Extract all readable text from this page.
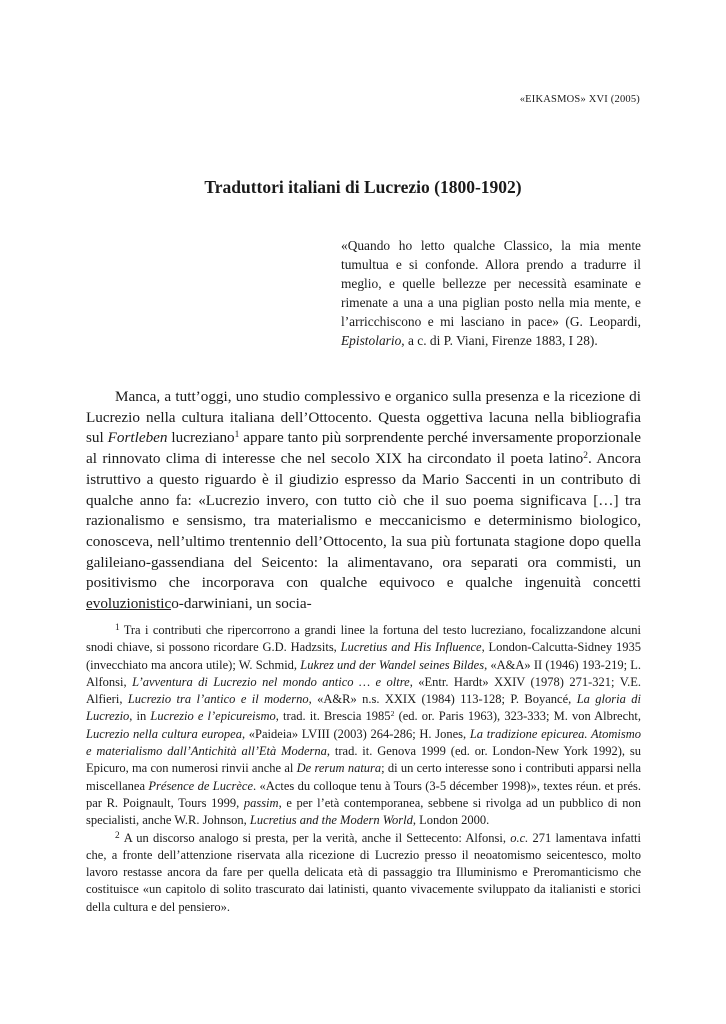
«EIKASMOS» XVI (2005)
Traduttori italiani di Lucrezio (1800-1902)
«Quando ho letto qualche Classico, la mia mente tumultua e si confonde. Allora prendo a tradurre il meglio, e quelle bellezze per necessità esaminate e rimenate a una a una piglian posto nella mia mente, e l’arricchiscono e mi lasciano in pace» (G. Leopardi, Epistolario, a c. di P. Viani, Firenze 1883, I 28).

Manca, a tutt’oggi, uno studio complessivo e organico sulla presenza e la ricezione di Lucrezio nella cultura italiana dell’Ottocento. Questa oggettiva lacuna nella bibliografia sul Fortleben lucreziano$^1$ appare tanto più sorprendente perché inversamente proporzionale al rinnovato clima di interesse che nel secolo XIX ha circondato il poeta latino$^2$. Ancora istruttivo a questo riguardo è il giudizio espresso da Mario Saccenti in un contributo di qualche anno fa: «Lucrezio invero, con tutto ciò che il suo poema significava […] tra razionalismo e sensismo, tra materialismo e meccanicismo e determinismo biologico, conosceva, nell’ultimo trentennio dell’Ottocento, la sua più fortunata stagione dopo quella galileiano-gassendiana del Seicento: la alimentavano, ora separati ora commisti, un positivismo che incorporava con qualche equivoco e qualche ingenuità concetti evoluzionistico-darwiniani, un socia-

$^1$ Tra i contributi che ripercorrono a grandi linee la fortuna del testo lucreziano, focalizzandone alcuni snodi chiave, si possono ricordare G.D. Hadzsits, Lucretius and His Influence, London-Calcutta-Sidney 1935 (invecchiato ma ancora utile); W. Schmid, Lukrez und der Wandel seines Bildes, «A&A» II (1946) 193-219; L. Alfonsi, L’avventura di Lucrezio nel mondo antico … e oltre, «Entr. Hardt» XXIV (1978) 271-321; V.E. Alfieri, Lucrezio tra l’antico e il moderno, «A&R» n.s. XXIX (1984) 113-128; P. Boyancé, La gloria di Lucrezio, in Lucrezio e l’epicureismo, trad. it. Brescia 1985$^2$ (ed. or. Paris 1963), 323-333; M. von Albrecht, Lucrezio nella cultura europea, «Paideia» LVIII (2003) 264-286; H. Jones, La tradizione epicurea. Atomismo e materialismo dall’Antichità all’Età Moderna, trad. it. Genova 1999 (ed. or. London-New York 1992), su Epicuro, ma con numerosi rinvii anche al De rerum natura; di un certo interesse sono i contributi apparsi nella miscellanea Présence de Lucrèce. «Actes du colloque tenu à Tours (3-5 décember 1998)», textes réun. et prés. par R. Poignault, Tours 1999, passim, e per l’età contemporanea, sebbene si rivolga ad un pubblico di non specialisti, anche W.R. Johnson, Lucretius and the Modern World, London 2000.

$^2$ A un discorso analogo si presta, per la verità, anche il Settecento: Alfonsi, o.c. 271 lamentava infatti che, a fronte dell’attenzione riservata alla ricezione di Lucrezio presso il neoatomismo seicentesco, molto lavoro restasse ancora da fare per quella delicata età di passaggio tra Illuminismo e Preromanticismo che costituisce «un capitolo di solito trascurato dai latinisti, quanto vivacemente sviluppato da italianisti e storici della cultura e del pensiero».
